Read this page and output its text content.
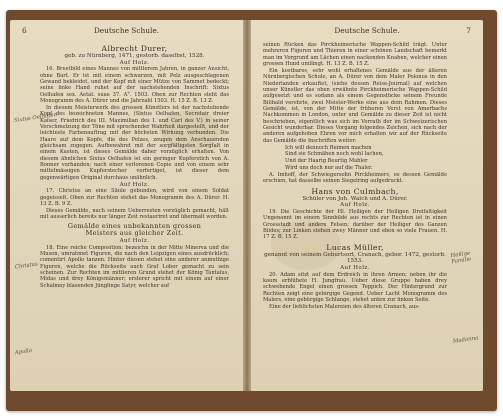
6	Deutsche Schule.
Sixtus Oelhafen
Christus
Apollo
Albrecht Durer,
geb. zu Nürnberg, 1471, gestorb. daselbst, 1528.
Auf Holz.

16. Brustbild eines Mannes von mittlerem Jahren, in ganzer Ansicht, ohne Bart. Er ist mit einem schwarzen, mit Pelz ausgeschlagenen Gewand bekleidet, und der Kopf mit einer Mütze von Sammet bedeckt; seine linke Hand ruhet auf der nachstehenden Inschrift: Sixtus Oelhafen sex. Aetat. suae 37. A°. 1503. Oben zur Rechten steht das Monogramm des A. Dürer und die Jahrzahl 1503. H. 15 Z. B. 13 Z.

In diesem Meisterwerk des grossen Künstlers ist der nachstehende Kopf des bezeichneten Mannes, (Sixtus Oelhafen, Secretair dreier Kaiser, Friedrich des III. Maximilian des I. und Carl des V.) in seiner Verschmelzung der Töne mit sprechender Wahrheit dargestellt, und der leichteste Farbenauftrag mit der höchsten Wirkung verbunden. Die Haare auf dem Kopfe, die des Pelzes, zeugen dem Anschauenden gleichsam zugegen. Aufbewahret mit der sorgfältigsten Sorgfalt in einem Kasten, ist dieses Gemälde daher vorzüglich erhalten. Von diesem ähnlichen Sixtus Oelhafen ist ein geringer Kupferstich von A. Bonner vorhanden; nach einer verlorenen Copie und von einem sehr mittelmässigen Kupferstecher verfertiget, ist dieser dem gegenwärtigen Original durchaus unähnlich.

Auf Holz.

17. Christus an eine Säule gebunden, wird von einem Soldat gegeisselt. Oben zur Rechten stehet das Monogramm des A. Dürer. H. 13 Z. B. 9 Z.

Dieses Gemälde, nach seinem Ueberresten vorzüglich gemacht, hält mit ausserlich bereits nur länger Zeit restauriret und übermalt worden.

Gemälde eines unbekannten grossen
Meisters aus gleicher Zeit.
Auf Holz.

18. Eine reiche Composition: bezeichn in der Mitte Minerva und die Musen, umrahmet Figuren, die nach den Leipzigen eines ausdrücklich; comentirt Apollo tanzen. Hinter diesen stehet eine anderer anmuthige Figuren, welche die Rückseite auch Graf Lober gemacht zu sein scheinen. Zur Rechten im mittleren Grund stehet der König Tantalus, Midas und drey Königsmänner; ersterer spricht mit einem auf einer Schalmey blasenden Jünglinge Satyr, welcher auf

Deutsche Schule.	7
Heilige Familie
Madonna

seinen Rücken das Pirckheimerische Wappen-Schild trägt. Unter mehreren Figuren und Thieren in einer schönen Landschaft bemerkt man im Vorgrund am Lächen einen nackenden Knaben, welcher einen grossen Hund umfängt. H. 13 Z. B. 15 Z.

Ein kostbares, sehr wohl erhaltenes Gemälde aus der älteren Nürnbergischen Schule, an A. Dürer von dem Maler Polonus in den Niederlanden erkauftet, (siehe dessen Reise-Journal) auf welchen unser Künstler das oben erwähnte Pirckheimerische Wappen-Schild aufgesetzt und es sodann als einem Gegenstücke seinem Freunde Bilibald verehrte, zwei Meister-Werke eine aus dem Rahmen. Dieses Gemälde, ist, von der Mitte der früheren Verst von Amerbachs Nachkommen in London, unter und Gemälde zu dieser Zeit ist nicht beschrieben, eigentlich was sich im Vorrath der im Schweizerischen Gesicht wunderbar. Dieses Vorgang folgendes Zeichen, sich nach der anderen aufgehoben Ehren vor mich erhalten wir auf der Rückseite das Gemälde die Inschriften weiter:

Ich will dennoch Reimen machen

Sind sie Schmähen noch wohl lachen,

Und der Haarig Beurtig Mahler

Wird uns doch nur auf die Thaler.

A. Imhoff, der Schwiegersohn Pirckheimers, es dessen Gemälde erschien, hat dasselbe seinen Siegelring aufgedruckt.

Hans von Culmbach,
Schüler von Joh. Walch und A. Dürer.
Auf Holz.

19. Die Geschichte der Hl. Heiligen der Heiligen Dreifaltigkeit Ungenannt im einem Sinnbilde aus rechts zur Rechten ist in einen Grossstadt und andere Felsen; darüber der Heiliger des Ganzen Bildes; zur Linken stehen zwey Männer und eben so viele Frauen. H. 17 Z. B. 15 Z.

Lucas Müller,
genannt von seinem Geburtsort, Cranach, gebor. 1472, gestorb. 1553.
Auf Holz.

20. Adam sitzt auf dem Erdreich in ihren Armen; neben ihr die kaum erblühete H. Jungfrau. Ueber diese Gruppe haben drey schwebende Engel einen grossen Teppich. Der Hintergrund zur Rechten zeigt eine gebirgige Gegend. Ueber Lacht Monogramm des Malers, eine gebürgige Schlange, stehet unten zur linken Seite.

Eine der lieblichsten Malereien des älteren Cranach, aus-
